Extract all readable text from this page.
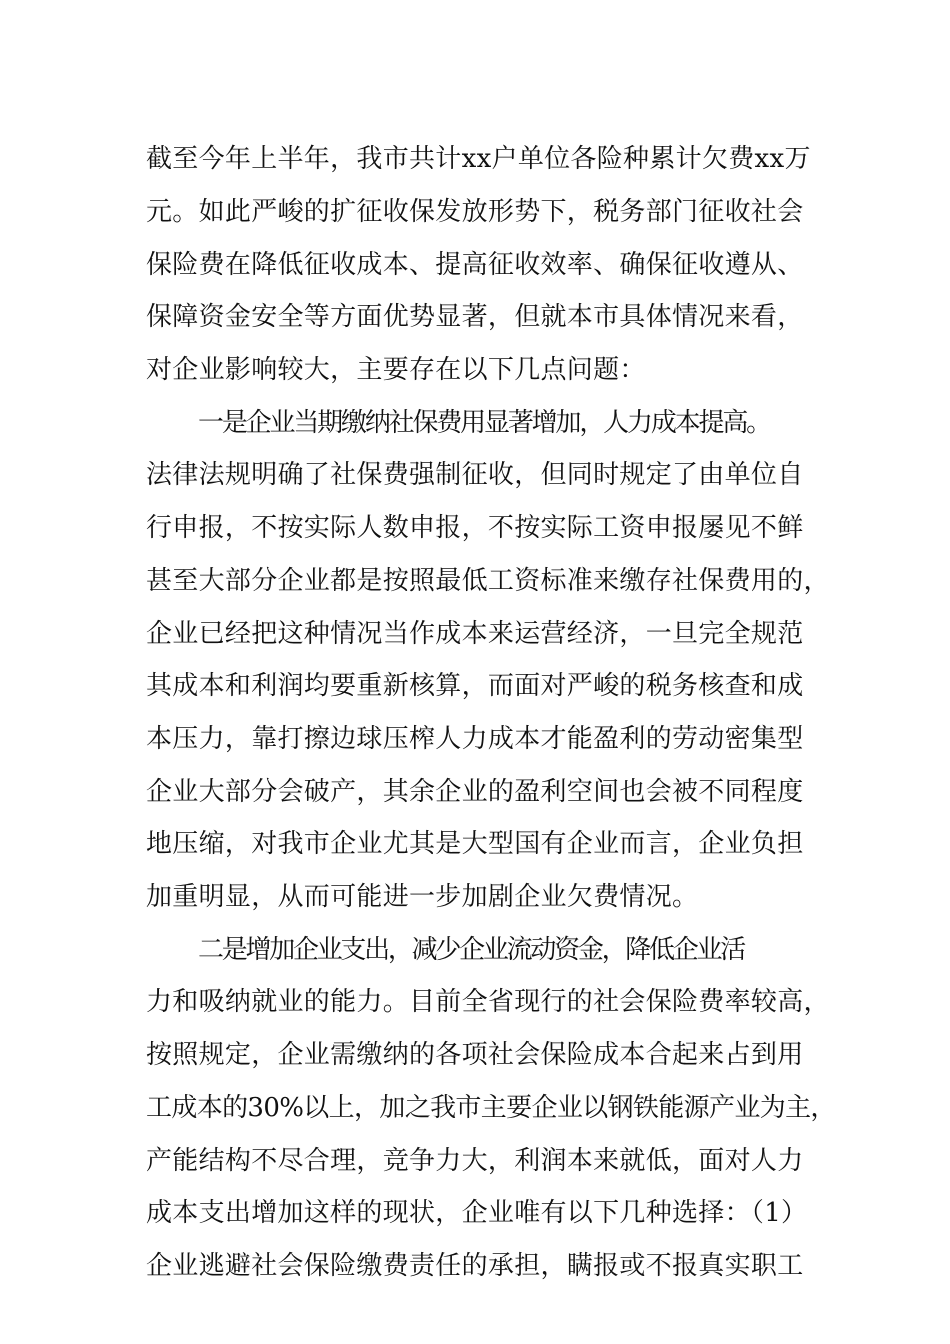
截至今年上半年，我市共计xx户单位各险种累计欠费xx万
元。如此严峻的扩征收保发放形势下，税务部门征收社会
保险费在降低征收成本、提高征收效率、确保征收遵从、
保障资金安全等方面优势显著，但就本市具体情况来看，
对企业影响较大，主要存在以下几点问题：
一是企业当期缴纳社保费用显著增加，人力成本提高。
法律法规明确了社保费强制征收，但同时规定了由单位自
行申报，不按实际人数申报，不按实际工资申报屡见不鲜
甚至大部分企业都是按照最低工资标准来缴存社保费用的，
企业已经把这种情况当作成本来运营经济，一旦完全规范
其成本和利润均要重新核算，而面对严峻的税务核查和成
本压力，靠打擦边球压榨人力成本才能盈利的劳动密集型
企业大部分会破产，其余企业的盈利空间也会被不同程度
地压缩，对我市企业尤其是大型国有企业而言，企业负担
加重明显，从而可能进一步加剧企业欠费情况。
二是增加企业支出，减少企业流动资金，降低企业活
力和吸纳就业的能力。目前全省现行的社会保险费率较高，
按照规定，企业需缴纳的各项社会保险成本合起来占到用
工成本的30%以上，加之我市主要企业以钢铁能源产业为主，
产能结构不尽合理，竞争力大，利润本来就低，面对人力
成本支出增加这样的现状，企业唯有以下几种选择：（1）
企业逃避社会保险缴费责任的承担，瞒报或不报真实职工
